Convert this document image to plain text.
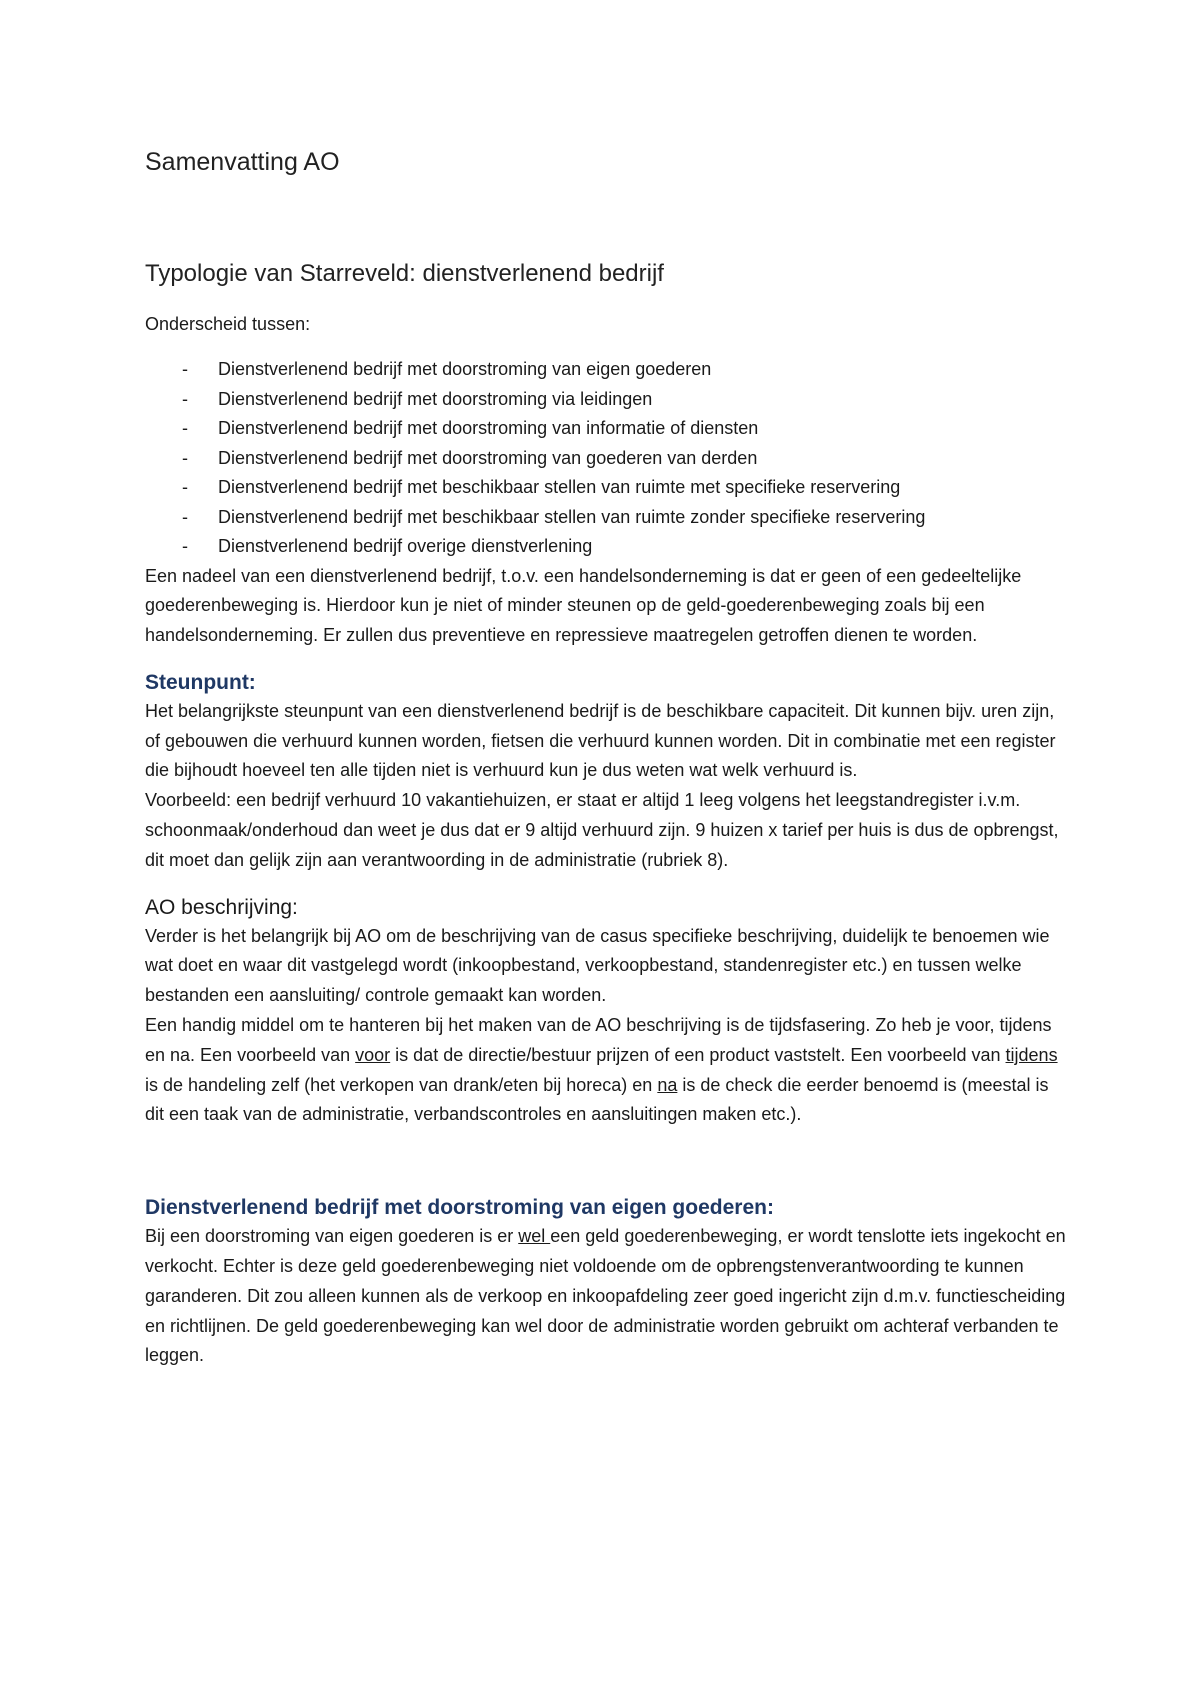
Samenvatting AO
Typologie van Starreveld: dienstverlenend bedrijf

Onderscheid tussen:

- Dienstverlenend bedrijf met doorstroming van eigen goederen
- Dienstverlenend bedrijf met doorstroming via leidingen
- Dienstverlenend bedrijf met doorstroming van informatie of diensten
- Dienstverlenend bedrijf met doorstroming van goederen van derden
- Dienstverlenend bedrijf met beschikbaar stellen van ruimte met specifieke reservering
- Dienstverlenend bedrijf met beschikbaar stellen van ruimte zonder specifieke reservering
- Dienstverlenend bedrijf overige dienstverlening

Een nadeel van een dienstverlenend bedrijf, t.o.v. een handelsonderneming is dat er geen of een gedeeltelijke goederenbeweging is. Hierdoor kun je niet of minder steunen op de geld-goederenbeweging zoals bij een handelsonderneming. Er zullen dus preventieve en repressieve maatregelen getroffen dienen te worden.

Steunpunt:

Het belangrijkste steunpunt van een dienstverlenend bedrijf is de beschikbare capaciteit. Dit kunnen bijv. uren zijn, of gebouwen die verhuurd kunnen worden, fietsen die verhuurd kunnen worden. Dit in combinatie met een register die bijhoudt hoeveel ten alle tijden niet is verhuurd kun je dus weten wat welk verhuurd is.

Voorbeeld: een bedrijf verhuurd 10 vakantiehuizen, er staat er altijd 1 leeg volgens het leegstandregister i.v.m. schoonmaak/onderhoud dan weet je dus dat er 9 altijd verhuurd zijn. 9 huizen x tarief per huis is dus de opbrengst, dit moet dan gelijk zijn aan verantwoording in de administratie (rubriek 8).

AO beschrijving:

Verder is het belangrijk bij AO om de beschrijving van de casus specifieke beschrijving, duidelijk te benoemen wie wat doet en waar dit vastgelegd wordt (inkoopbestand, verkoopbestand, standenregister etc.) en tussen welke bestanden een aansluiting/ controle gemaakt kan worden.

Een handig middel om te hanteren bij het maken van de AO beschrijving is de tijdsfasering. Zo heb je voor, tijdens en na. Een voorbeeld van voor is dat de directie/bestuur prijzen of een product vaststelt. Een voorbeeld van tijdens is de handeling zelf (het verkopen van drank/eten bij horeca) en na is de check die eerder benoemd is (meestal is dit een taak van de administratie, verbandscontroles en aansluitingen maken etc.).

Dienstverlenend bedrijf met doorstroming van eigen goederen:

Bij een doorstroming van eigen goederen is er wel een geld goederenbeweging, er wordt tenslotte iets ingekocht en verkocht. Echter is deze geld goederenbeweging niet voldoende om de opbrengstenverantwoording te kunnen garanderen. Dit zou alleen kunnen als de verkoop en inkoopafdeling zeer goed ingericht zijn d.m.v. functiescheiding en richtlijnen. De geld goederenbeweging kan wel door de administratie worden gebruikt om achteraf verbanden te leggen.
